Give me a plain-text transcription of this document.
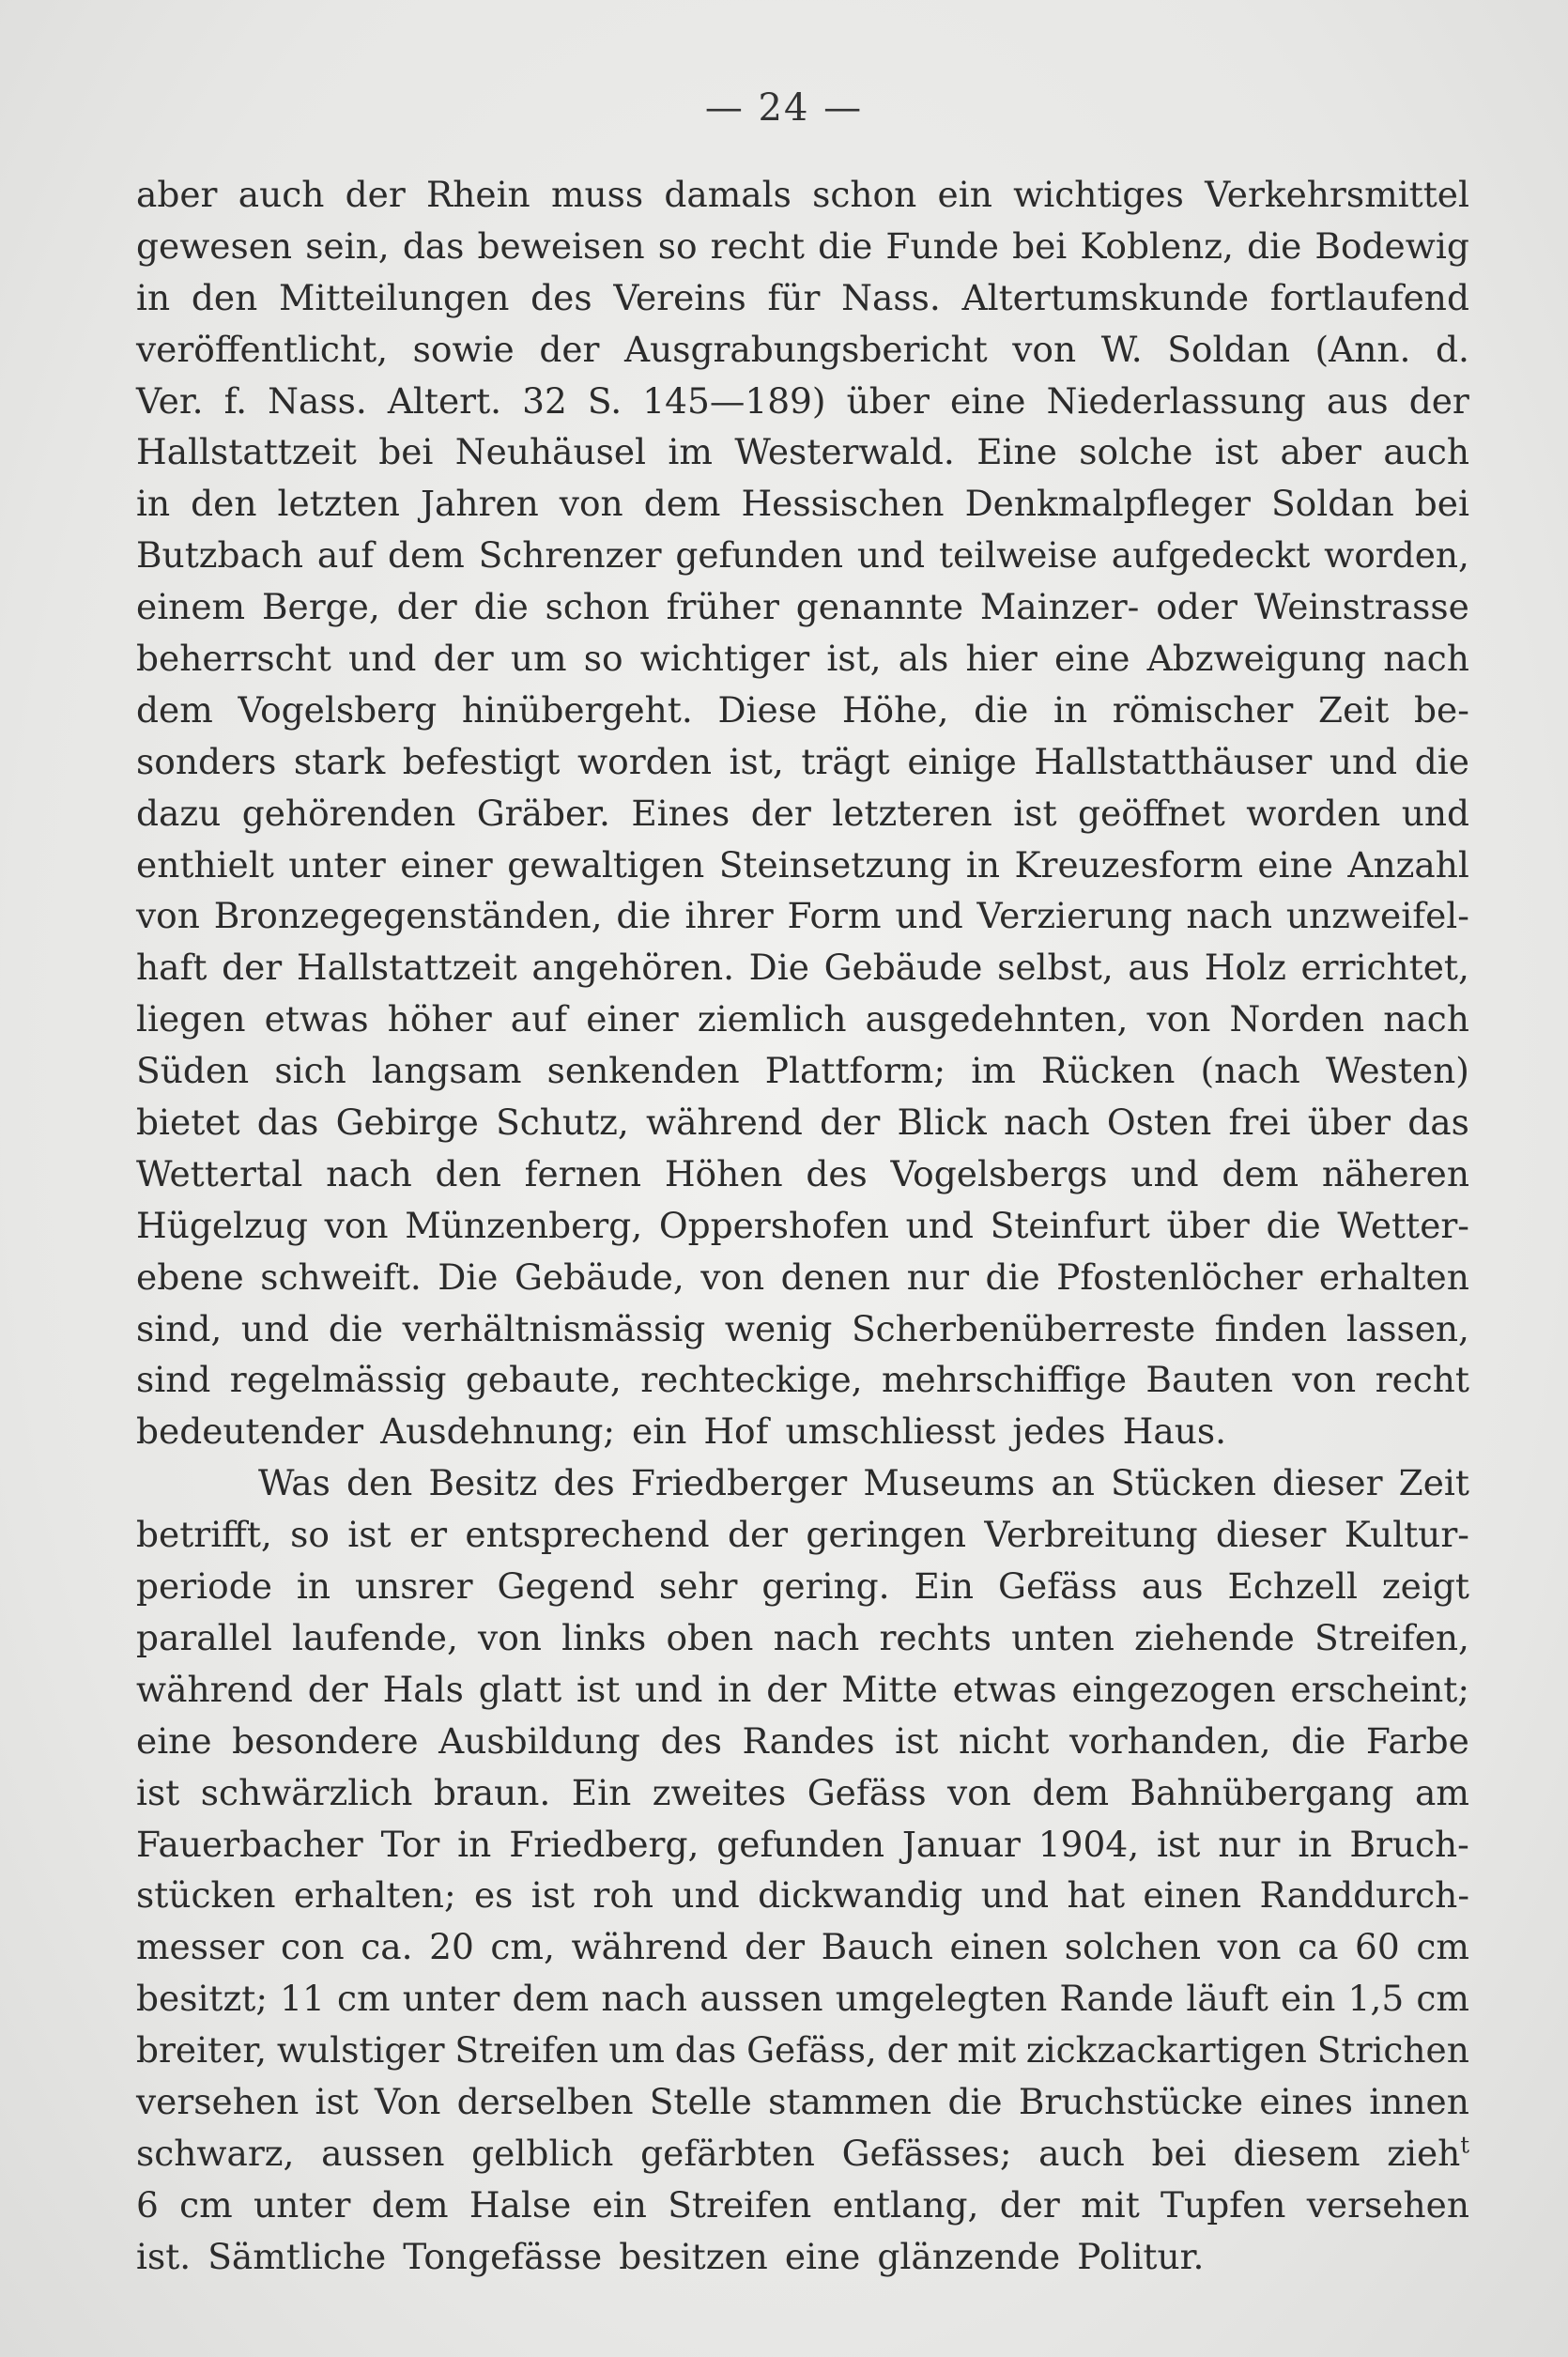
— 24 —
aber auch der Rhein muss damals schon ein wichtiges Verkehrsmittel
gewesen sein, das beweisen so recht die Funde bei Koblenz, die Bodewig
in den Mitteilungen des Vereins für Nass. Altertumskunde fortlaufend
veröffentlicht, sowie der Ausgrabungsbericht von W. Soldan (Ann. d.
Ver. f. Nass. Altert. 32 S. 145—189) über eine Niederlassung aus der
Hallstattzeit bei Neuhäusel im Westerwald. Eine solche ist aber auch
in den letzten Jahren von dem Hessischen Denkmalpfleger Soldan bei
Butzbach auf dem Schrenzer gefunden und teilweise aufgedeckt worden,
einem Berge, der die schon früher genannte Mainzer- oder Weinstrasse
beherrscht und der um so wichtiger ist, als hier eine Abzweigung nach
dem Vogelsberg hinübergeht. Diese Höhe, die in römischer Zeit be-
sonders stark befestigt worden ist, trägt einige Hallstatthäuser und die
dazu gehörenden Gräber. Eines der letzteren ist geöffnet worden und
enthielt unter einer gewaltigen Steinsetzung in Kreuzesform eine Anzahl
von Bronzegegenständen, die ihrer Form und Verzierung nach unzweifel-
haft der Hallstattzeit angehören. Die Gebäude selbst, aus Holz errichtet,
liegen etwas höher auf einer ziemlich ausgedehnten, von Norden nach
Süden sich langsam senkenden Plattform; im Rücken (nach Westen)
bietet das Gebirge Schutz, während der Blick nach Osten frei über das
Wettertal nach den fernen Höhen des Vogelsbergs und dem näheren
Hügelzug von Münzenberg, Oppershofen und Steinfurt über die Wetter-
ebene schweift. Die Gebäude, von denen nur die Pfostenlöcher erhalten
sind, und die verhältnismässig wenig Scherbenüberreste finden lassen,
sind regelmässig gebaute, rechteckige, mehrschiffige Bauten von recht
bedeutender Ausdehnung; ein Hof umschliesst jedes Haus.
Was den Besitz des Friedberger Museums an Stücken dieser Zeit
betrifft, so ist er entsprechend der geringen Verbreitung dieser Kultur-
periode in unsrer Gegend sehr gering. Ein Gefäss aus Echzell zeigt
parallel laufende, von links oben nach rechts unten ziehende Streifen,
während der Hals glatt ist und in der Mitte etwas eingezogen erscheint;
eine besondere Ausbildung des Randes ist nicht vorhanden, die Farbe
ist schwärzlich braun. Ein zweites Gefäss von dem Bahnübergang am
Fauerbacher Tor in Friedberg, gefunden Januar 1904, ist nur in Bruch-
stücken erhalten; es ist roh und dickwandig und hat einen Randdurch-
messer con ca. 20 cm, während der Bauch einen solchen von ca 60 cm
besitzt; 11 cm unter dem nach aussen umgelegten Rande läuft ein 1,5 cm
breiter, wulstiger Streifen um das Gefäss, der mit zickzackartigen Strichen
versehen ist Von derselben Stelle stammen die Bruchstücke eines innen
schwarz, aussen gelblich gefärbten Gefässes; auch bei diesem zieh$^t$
6 cm unter dem Halse ein Streifen entlang, der mit Tupfen versehen
ist. Sämtliche Tongefässe besitzen eine glänzende Politur.
